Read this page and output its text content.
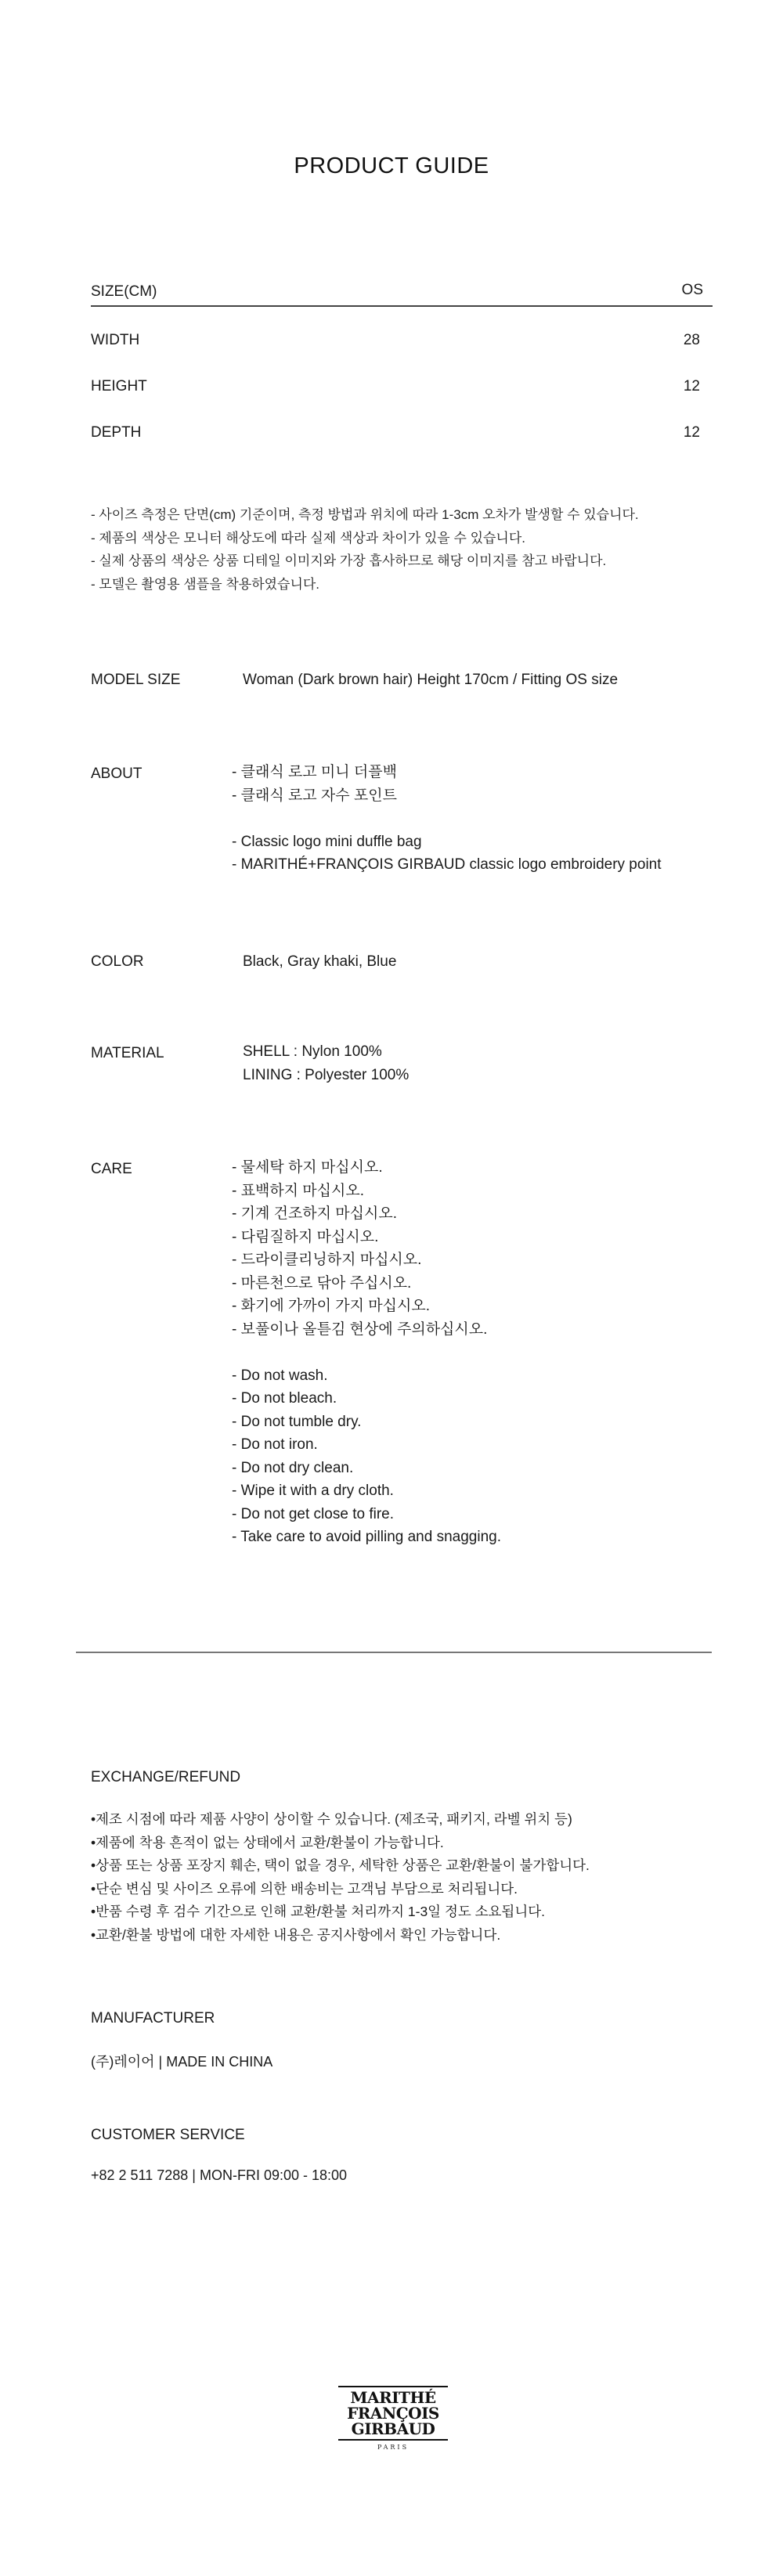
PRODUCT GUIDE
SIZE(CM)	OS
WIDTH	28
HEIGHT	12
DEPTH	12
- 사이즈 측정은 단면(cm) 기준이며, 측정 방법과 위치에 따라 1-3cm 오차가 발생할 수 있습니다.
- 제품의 색상은 모니터 해상도에 따라 실제 색상과 차이가 있을 수 있습니다.
- 실제 상품의 색상은 상품 디테일 이미지와 가장 흡사하므로 해당 이미지를 참고 바랍니다.
- 모델은 촬영용 샘플을 착용하였습니다.
MODEL SIZE	Woman (Dark brown hair) Height 170cm / Fitting OS size
ABOUT	- 클래식 로고 미니 더플백
- 클래식 로고 자수 포인트
- Classic logo mini duffle bag
- MARITHÉ+FRANÇOIS GIRBAUD classic logo embroidery point
COLOR	Black, Gray khaki, Blue
MATERIAL	SHELL : Nylon 100%
LINING : Polyester 100%
CARE	- 물세탁 하지 마십시오.
- 표백하지 마십시오.
- 기계 건조하지 마십시오.
- 다림질하지 마십시오.
- 드라이클리닝하지 마십시오.
- 마른천으로 닦아 주십시오.
- 화기에 가까이 가지 마십시오.
- 보풀이나 올튿김 현상에 주의하십시오.
- Do not wash.
- Do not bleach.
- Do not tumble dry.
- Do not iron.
- Do not dry clean.
- Wipe it with a dry cloth.
- Do not get close to fire.
- Take care to avoid pilling and snagging.
EXCHANGE/REFUND
•제조 시점에 따라 제품 사양이 상이할 수 있습니다. (제조국, 패키지, 라벨 위치 등)
•제품에 착용 흔적이 없는 상태에서 교환/환불이 가능합니다.
•상품 또는 상품 포장지 훼손, 택이 없을 경우, 세탁한 상품은 교환/환불이 불가합니다.
•단순 변심 및 사이즈 오류에 의한 배송비는 고객님 부담으로 처리됩니다.
•반품 수령 후 검수 기간으로 인해 교환/환불 처리까지 1-3일 정도 소요됩니다.
•교환/환불 방법에 대한 자세한 내용은 공지사항에서 확인 가능합니다.
MANUFACTURER
(주)레이어 | MADE IN CHINA
CUSTOMER SERVICE
+82 2 511 7288 | MON-FRI 09:00 - 18:00
MARITHÉ
FRANÇOIS
GIRBAUD
PARIS
